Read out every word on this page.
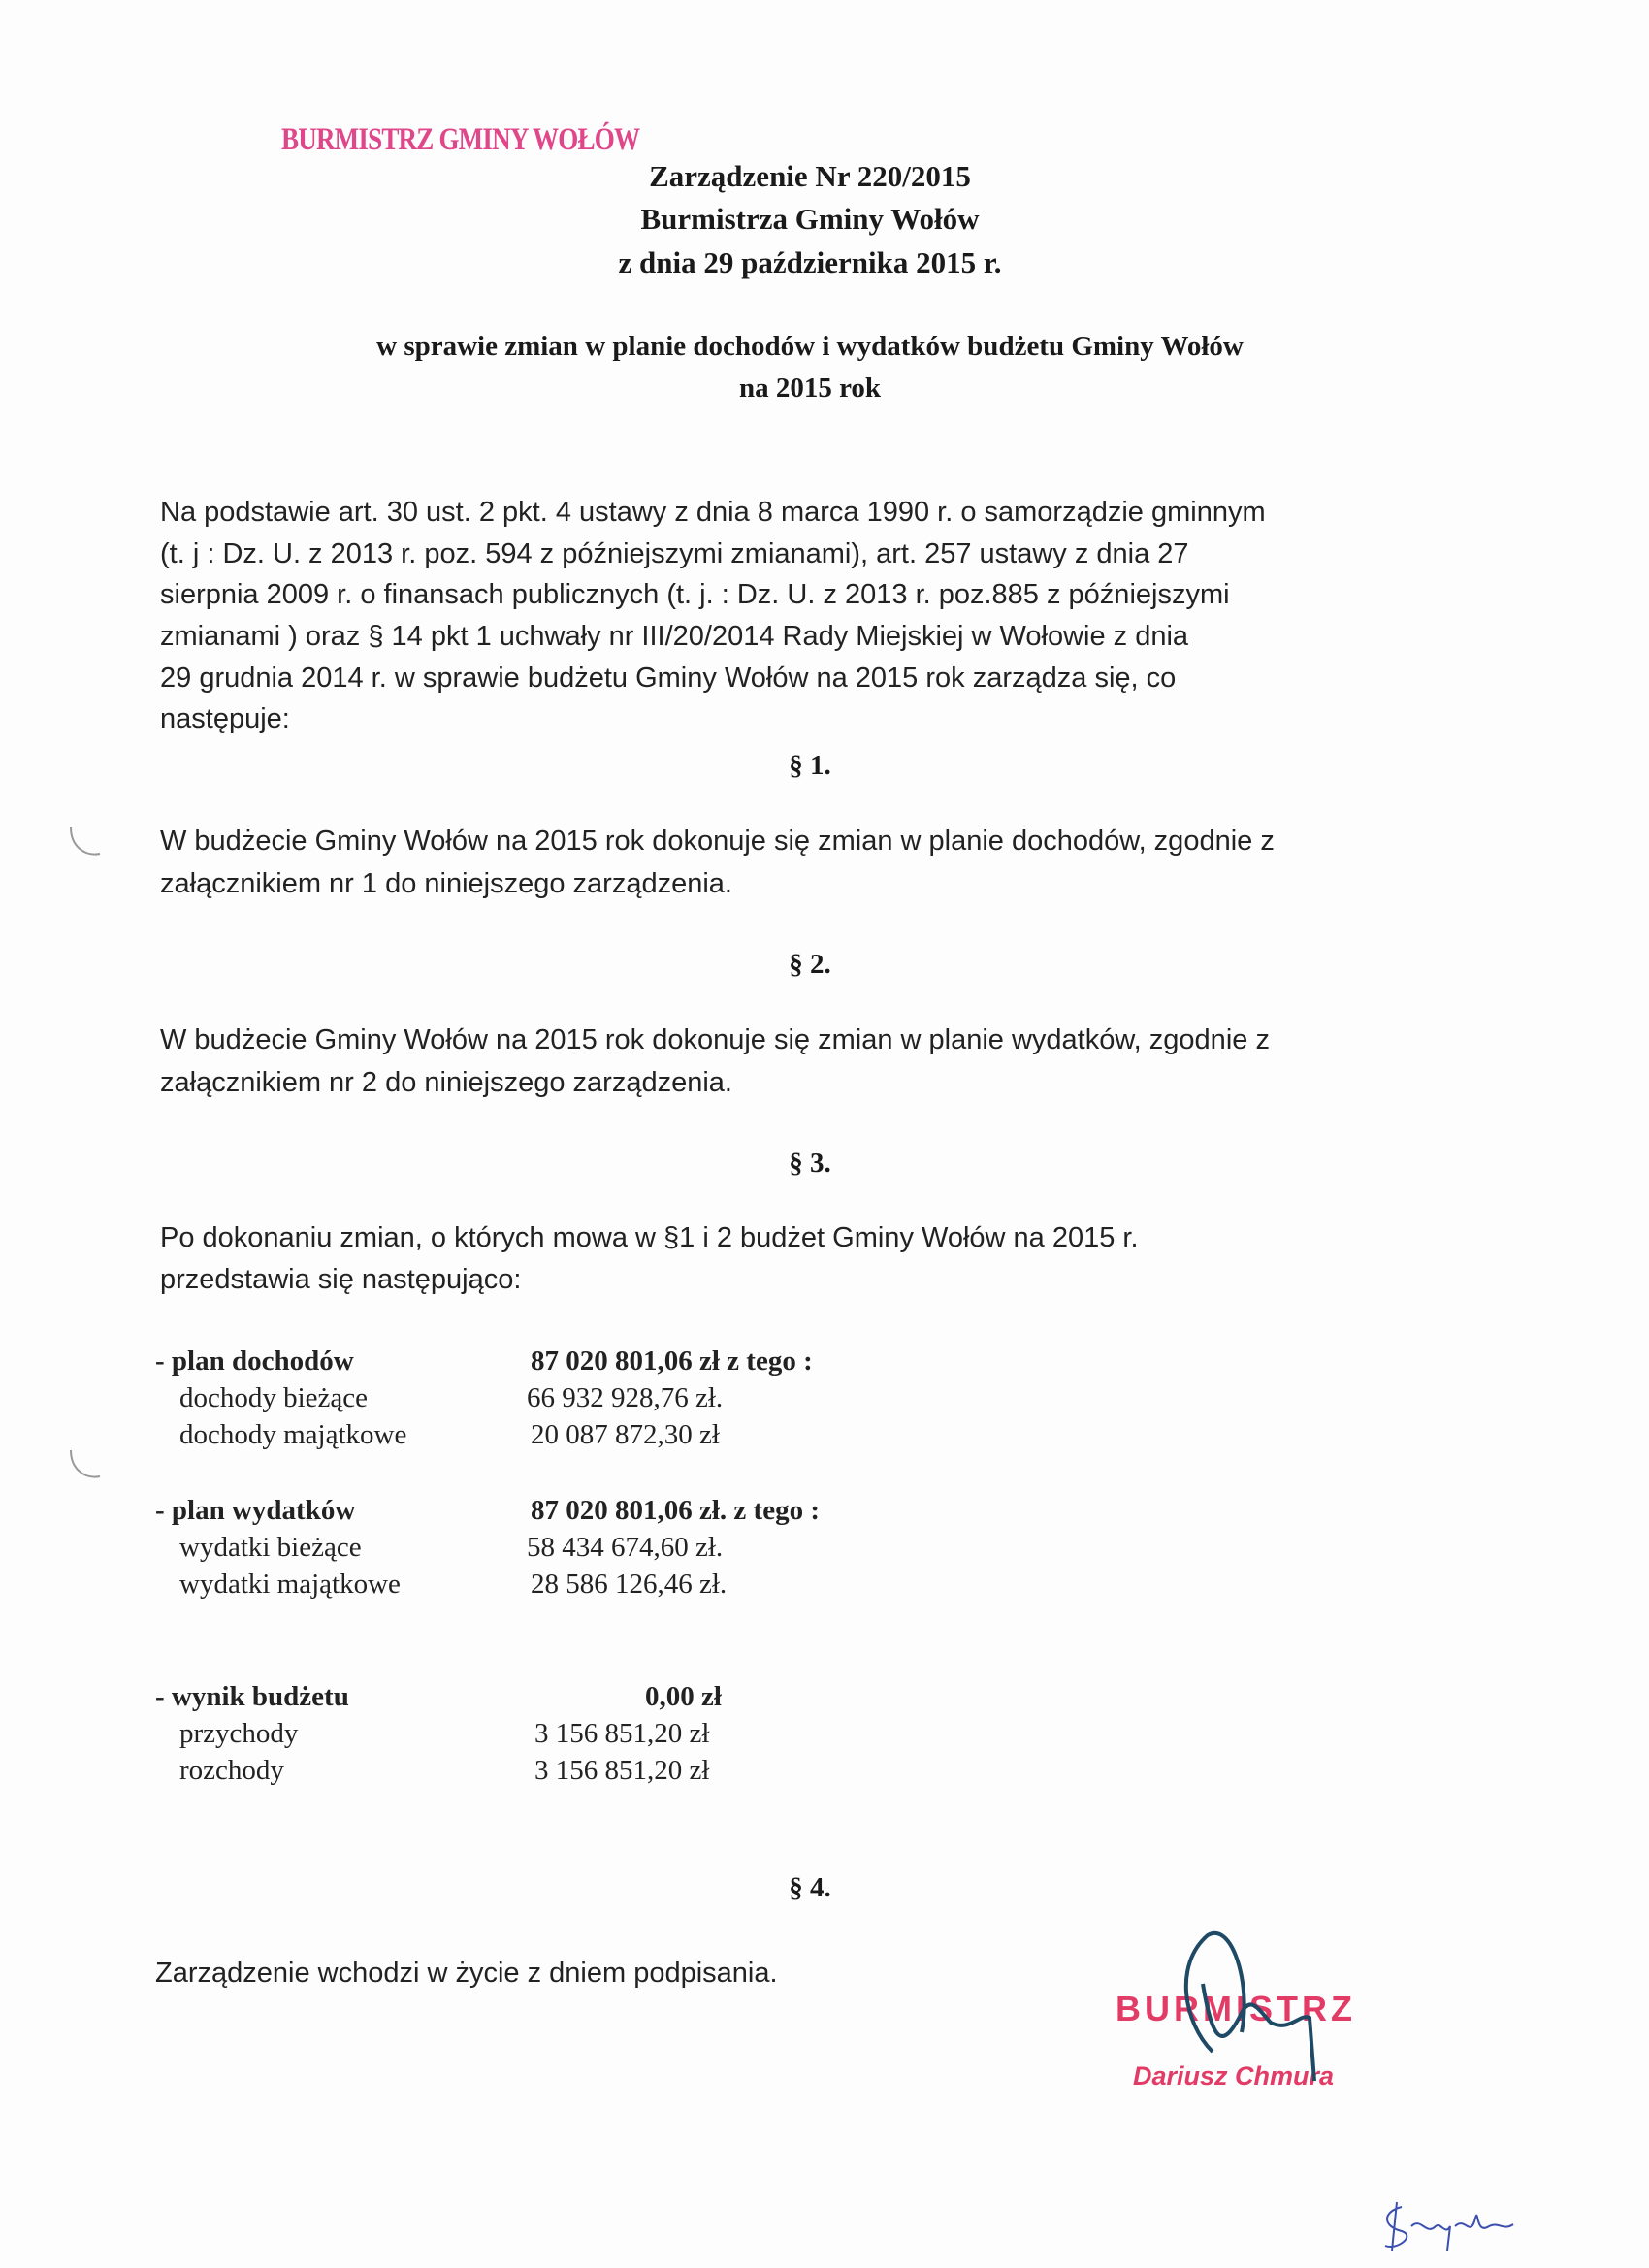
BURMISTRZ GMINY WOŁÓW
Zarządzenie Nr 220/2015
Burmistrza Gminy Wołów
z dnia 29 października 2015 r.
w sprawie zmian w planie dochodów i wydatków budżetu Gminy Wołów
na 2015 rok
Na podstawie art. 30 ust. 2 pkt. 4 ustawy z dnia 8 marca 1990 r. o samorządzie gminnym
(t. j : Dz. U. z 2013 r. poz. 594 z późniejszymi zmianami), art. 257 ustawy z dnia 27
sierpnia 2009 r. o finansach publicznych (t. j. : Dz. U. z 2013 r. poz.885 z późniejszymi
zmianami ) oraz § 14 pkt 1 uchwały nr III/20/2014 Rady Miejskiej w Wołowie z dnia
29 grudnia 2014 r. w sprawie budżetu Gminy Wołów na 2015 rok zarządza się, co
następuje:
§ 1.
W budżecie Gminy Wołów na 2015 rok dokonuje się zmian w planie dochodów, zgodnie z
załącznikiem nr 1 do niniejszego zarządzenia.
§ 2.
W budżecie Gminy Wołów na 2015 rok dokonuje się zmian w planie wydatków, zgodnie z
załącznikiem nr 2 do niniejszego zarządzenia.
§ 3.
Po dokonaniu zmian, o których mowa w §1 i 2 budżet Gminy Wołów na 2015 r.
przedstawia się następująco:
- plan dochodów	87 020 801,06 zł z tego :
dochody bieżące	66 932 928,76 zł.
dochody majątkowe	20 087 872,30 zł
- plan wydatków	87 020 801,06 zł. z tego :
wydatki bieżące	58 434 674,60 zł.
wydatki majątkowe	28 586 126,46 zł.
- wynik budżetu	0,00 zł
przychody	3 156 851,20 zł
rozchody	3 156 851,20 zł
§ 4.
Zarządzenie wchodzi w życie z dniem podpisania.
BURMISTRZ
Dariusz Chmura
